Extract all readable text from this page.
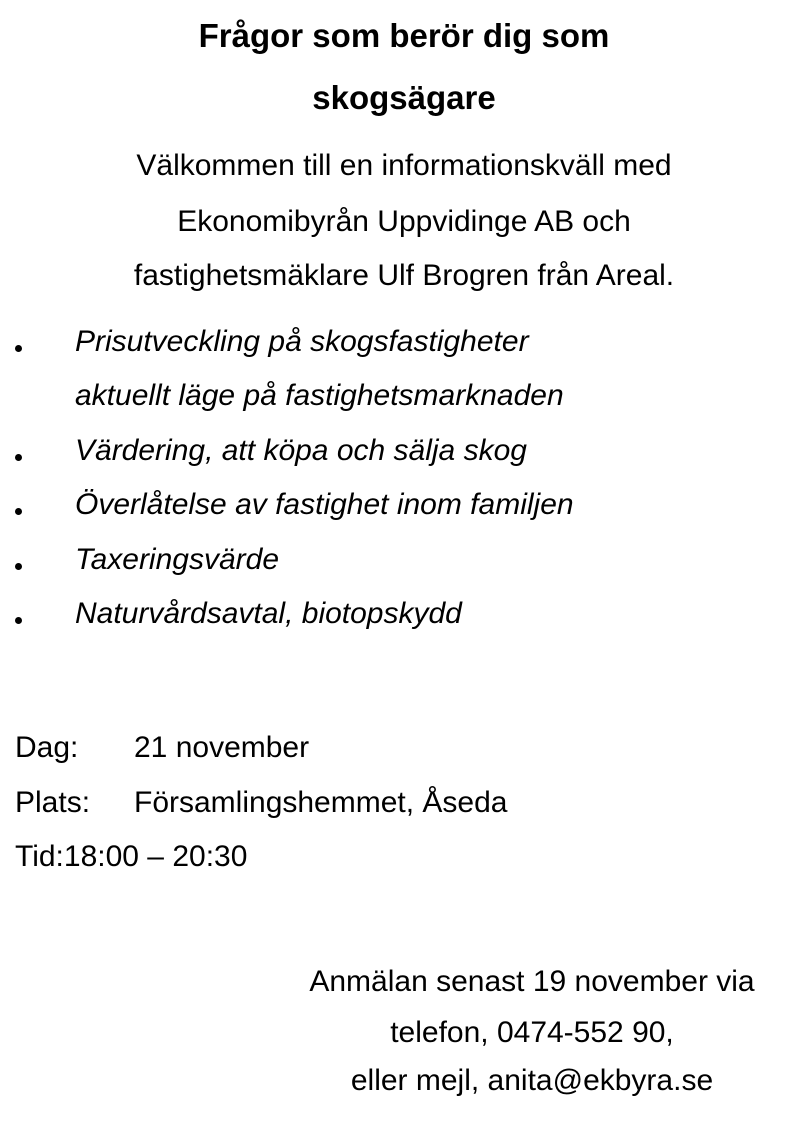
Frågor som berör dig som
skogsägare
Välkommen till en informationskväll med
Ekonomibyrån Uppvidinge AB och
fastighetsmäklare Ulf Brogren från Areal.
Prisutveckling på skogsfastigheter
aktuellt läge på fastighetsmarknaden
Värdering, att köpa och sälja skog
Överlåtelse av fastighet inom familjen
Taxeringsvärde
Naturvårdsavtal, biotopskydd
Dag: 21 november
Plats: Församlingshemmet, Åseda
Tid:18:00 – 20:30
Anmälan senast 19 november via
telefon, 0474-552 90,
eller mejl, anita@ekbyra.se
